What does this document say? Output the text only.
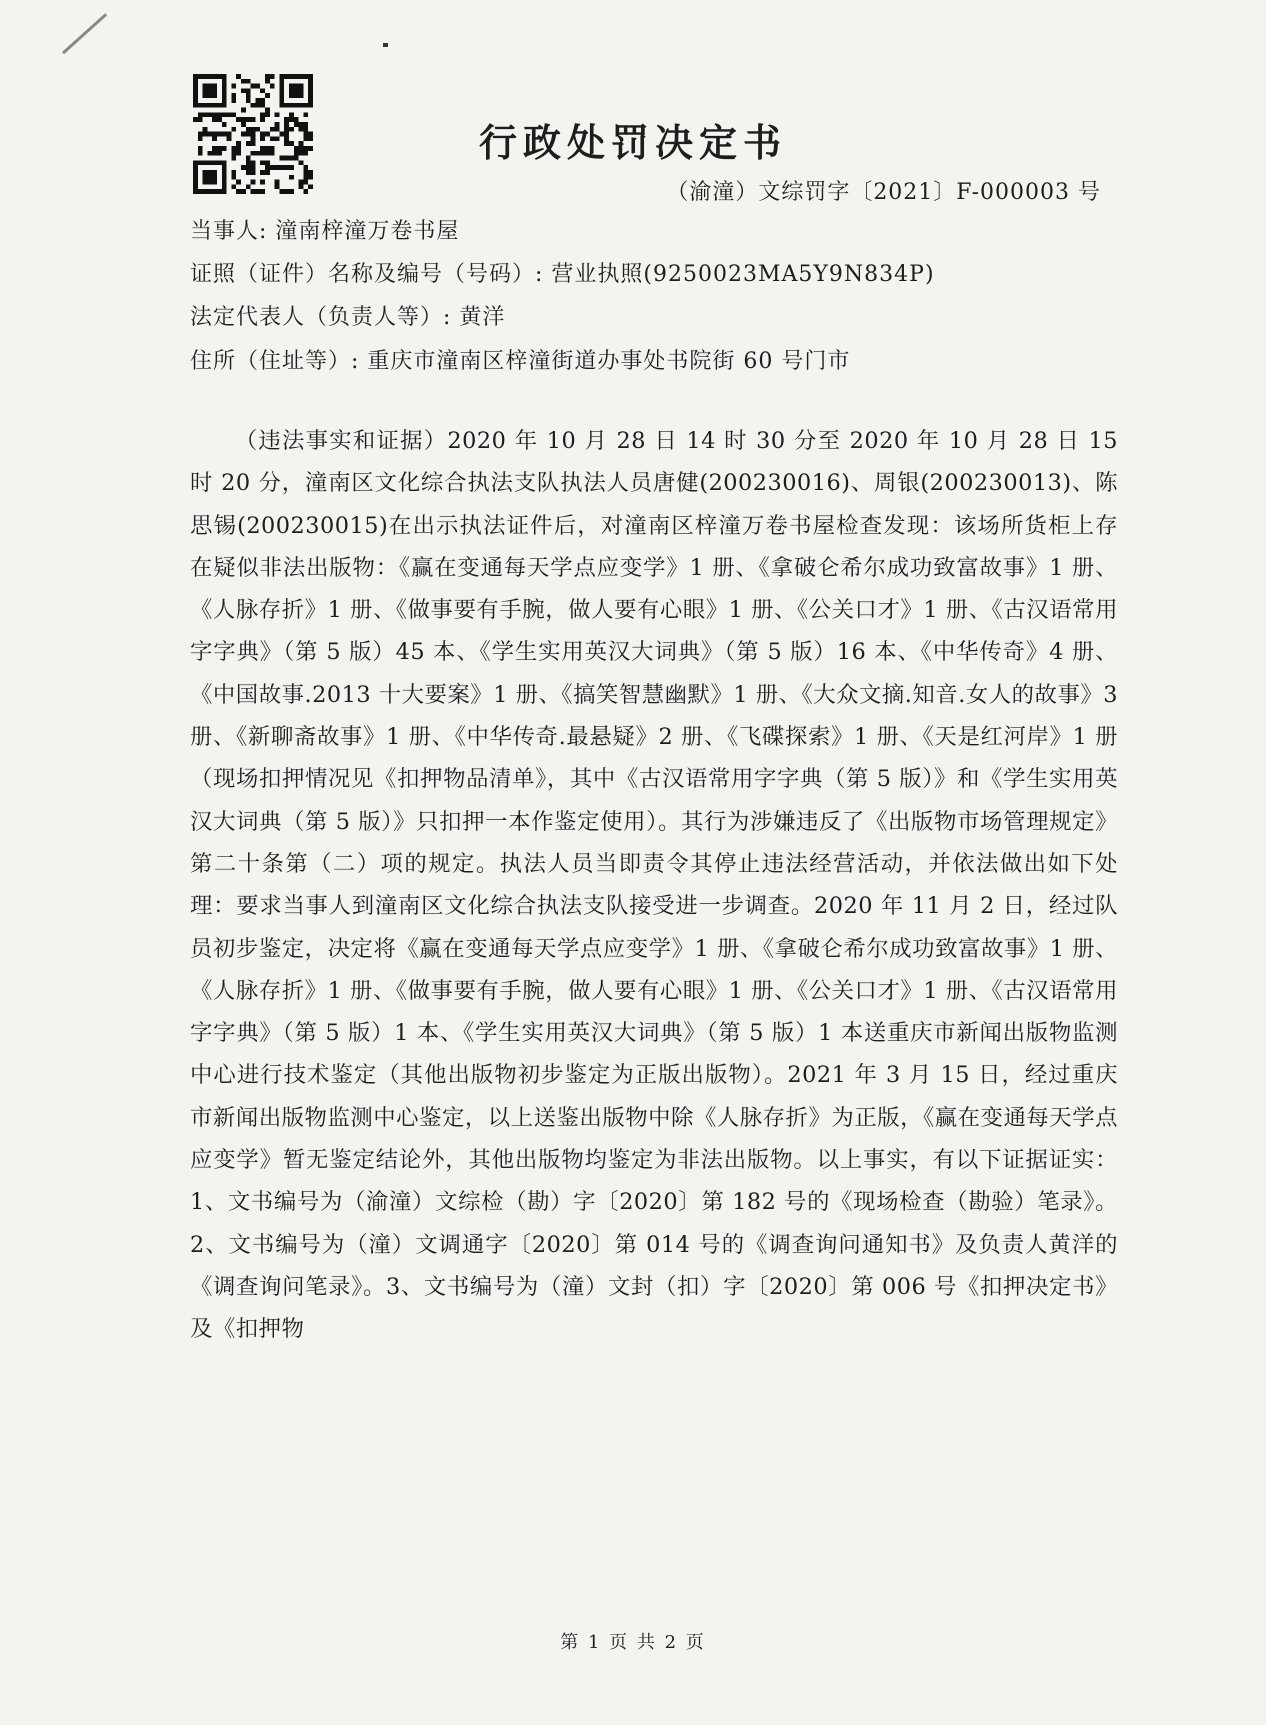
行政处罚决定书
（渝潼）文综罚字〔2021〕F-000003 号
当事人: 潼南梓潼万卷书屋
证照（证件）名称及编号（号码）: 营业执照(9250023MA5Y9N834P)
法定代表人（负责人等）: 黄洋
住所（住址等）: 重庆市潼南区梓潼街道办事处书院街 60 号门市
（违法事实和证据）2020 年 10 月 28 日 14 时 30 分至 2020 年 10 月 28 日 15 时 20 分，潼南区文化综合执法支队执法人员唐健(200230016)、周银(200230013)、陈思锡(200230015)在出示执法证件后，对潼南区梓潼万卷书屋检查发现：该场所货柜上存在疑似非法出版物：《赢在变通每天学点应变学》1 册、《拿破仑希尔成功致富故事》1 册、《人脉存折》1 册、《做事要有手腕，做人要有心眼》1 册、《公关口才》1 册、《古汉语常用字字典》（第 5 版）45 本、《学生实用英汉大词典》（第 5 版）16 本、《中华传奇》4 册、《中国故事.2013 十大要案》1 册、《搞笑智慧幽默》1 册、《大众文摘.知音.女人的故事》3 册、《新聊斋故事》1 册、《中华传奇.最悬疑》2 册、《飞碟探索》1 册、《天是红河岸》1 册（现场扣押情况见《扣押物品清单》，其中《古汉语常用字字典（第 5 版）》和《学生实用英汉大词典（第 5 版）》只扣押一本作鉴定使用）。其行为涉嫌违反了《出版物市场管理规定》第二十条第（二）项的规定。执法人员当即责令其停止违法经营活动，并依法做出如下处理：要求当事人到潼南区文化综合执法支队接受进一步调查。2020 年 11 月 2 日，经过队员初步鉴定，决定将《赢在变通每天学点应变学》1 册、《拿破仑希尔成功致富故事》1 册、《人脉存折》1 册、《做事要有手腕，做人要有心眼》1 册、《公关口才》1 册、《古汉语常用字字典》（第 5 版）1 本、《学生实用英汉大词典》（第 5 版）1 本送重庆市新闻出版物监测中心进行技术鉴定（其他出版物初步鉴定为正版出版物）。2021 年 3 月 15 日，经过重庆市新闻出版物监测中心鉴定，以上送鉴出版物中除《人脉存折》为正版，《赢在变通每天学点应变学》暂无鉴定结论外，其他出版物均鉴定为非法出版物。以上事实，有以下证据证实：1、文书编号为（渝潼）文综检（勘）字〔2020〕第 182 号的《现场检查（勘验）笔录》。2、文书编号为（潼）文调通字〔2020〕第 014 号的《调查询问通知书》及负责人黄洋的《调查询问笔录》。3、文书编号为（潼）文封（扣）字〔2020〕第 006 号《扣押决定书》及《扣押物
第 1 页 共 2 页
